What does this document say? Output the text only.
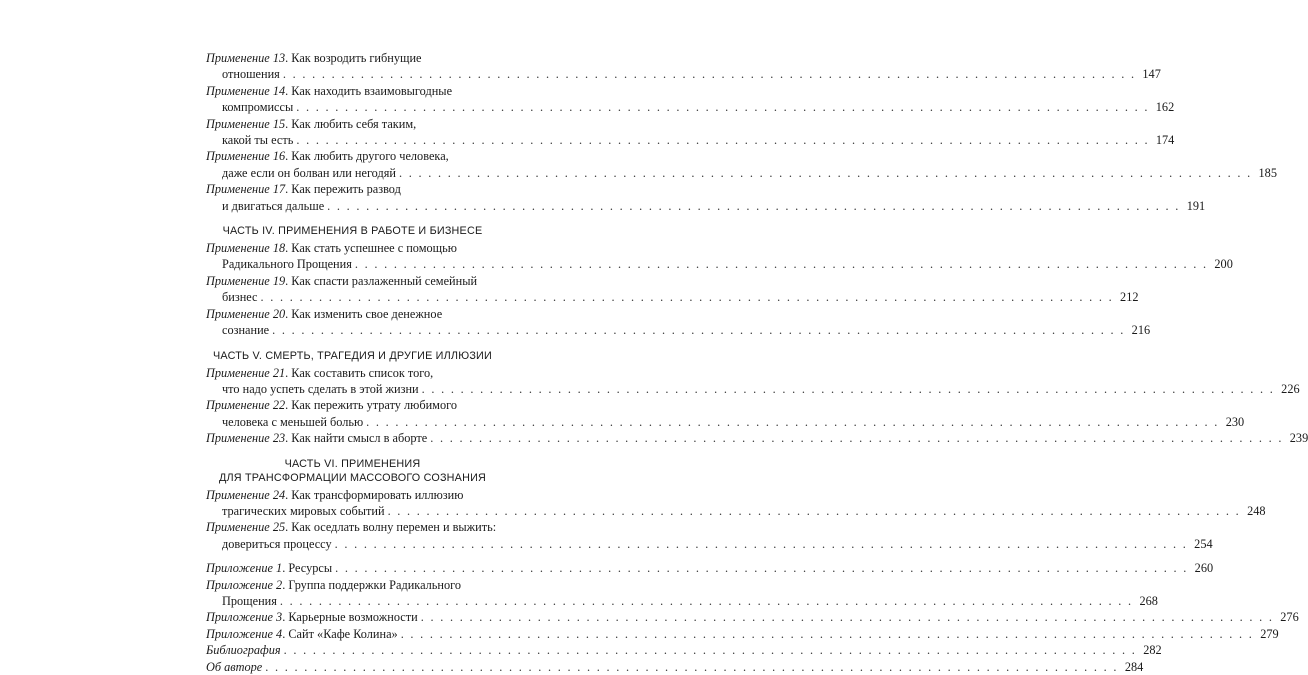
Применение 13. Как возродить гибнущие
отношения . . .	147
Применение 14. Как находить взаимовыгодные
компромиссы . . .	162
Применение 15. Как любить себя таким,
какой ты есть . . .	174
Применение 16. Как любить другого человека,
даже если он болван или негодяй . . .	185
Применение 17. Как пережить развод
и двигаться дальше . . .	191
ЧАСТЬ IV. ПРИМЕНЕНИЯ В РАБОТЕ И БИЗНЕСЕ
Применение 18. Как стать успешнее с помощью
Радикального Прощения . . .	200
Применение 19. Как спасти разлаженный семейный
бизнес . . .	212
Применение 20. Как изменить свое денежное
сознание . . .	216
ЧАСТЬ V. СМЕРТЬ, ТРАГЕДИЯ И ДРУГИЕ ИЛЛЮЗИИ
Применение 21. Как составить список того,
что надо успеть сделать в этой жизни . . .	226
Применение 22. Как пережить утрату любимого
человека с меньшей болью . . .	230
Применение 23. Как найти смысл в аборте . . .	239
ЧАСТЬ VI. ПРИМЕНЕНИЯ
ДЛЯ ТРАНСФОРМАЦИИ МАССОВОГО СОЗНАНИЯ
Применение 24. Как трансформировать иллюзию
трагических мировых событий . . .	248
Применение 25. Как оседлать волну перемен и выжить:
довериться процессу . . .	254
Приложение 1. Ресурсы . . .	260
Приложение 2. Группа поддержки Радикального
Прощения . . .	268
Приложение 3. Карьерные возможности . . .	276
Приложение 4. Сайт «Кафе Колина» . . .	279
Библиография . . .	282
Об авторе . . .	284
